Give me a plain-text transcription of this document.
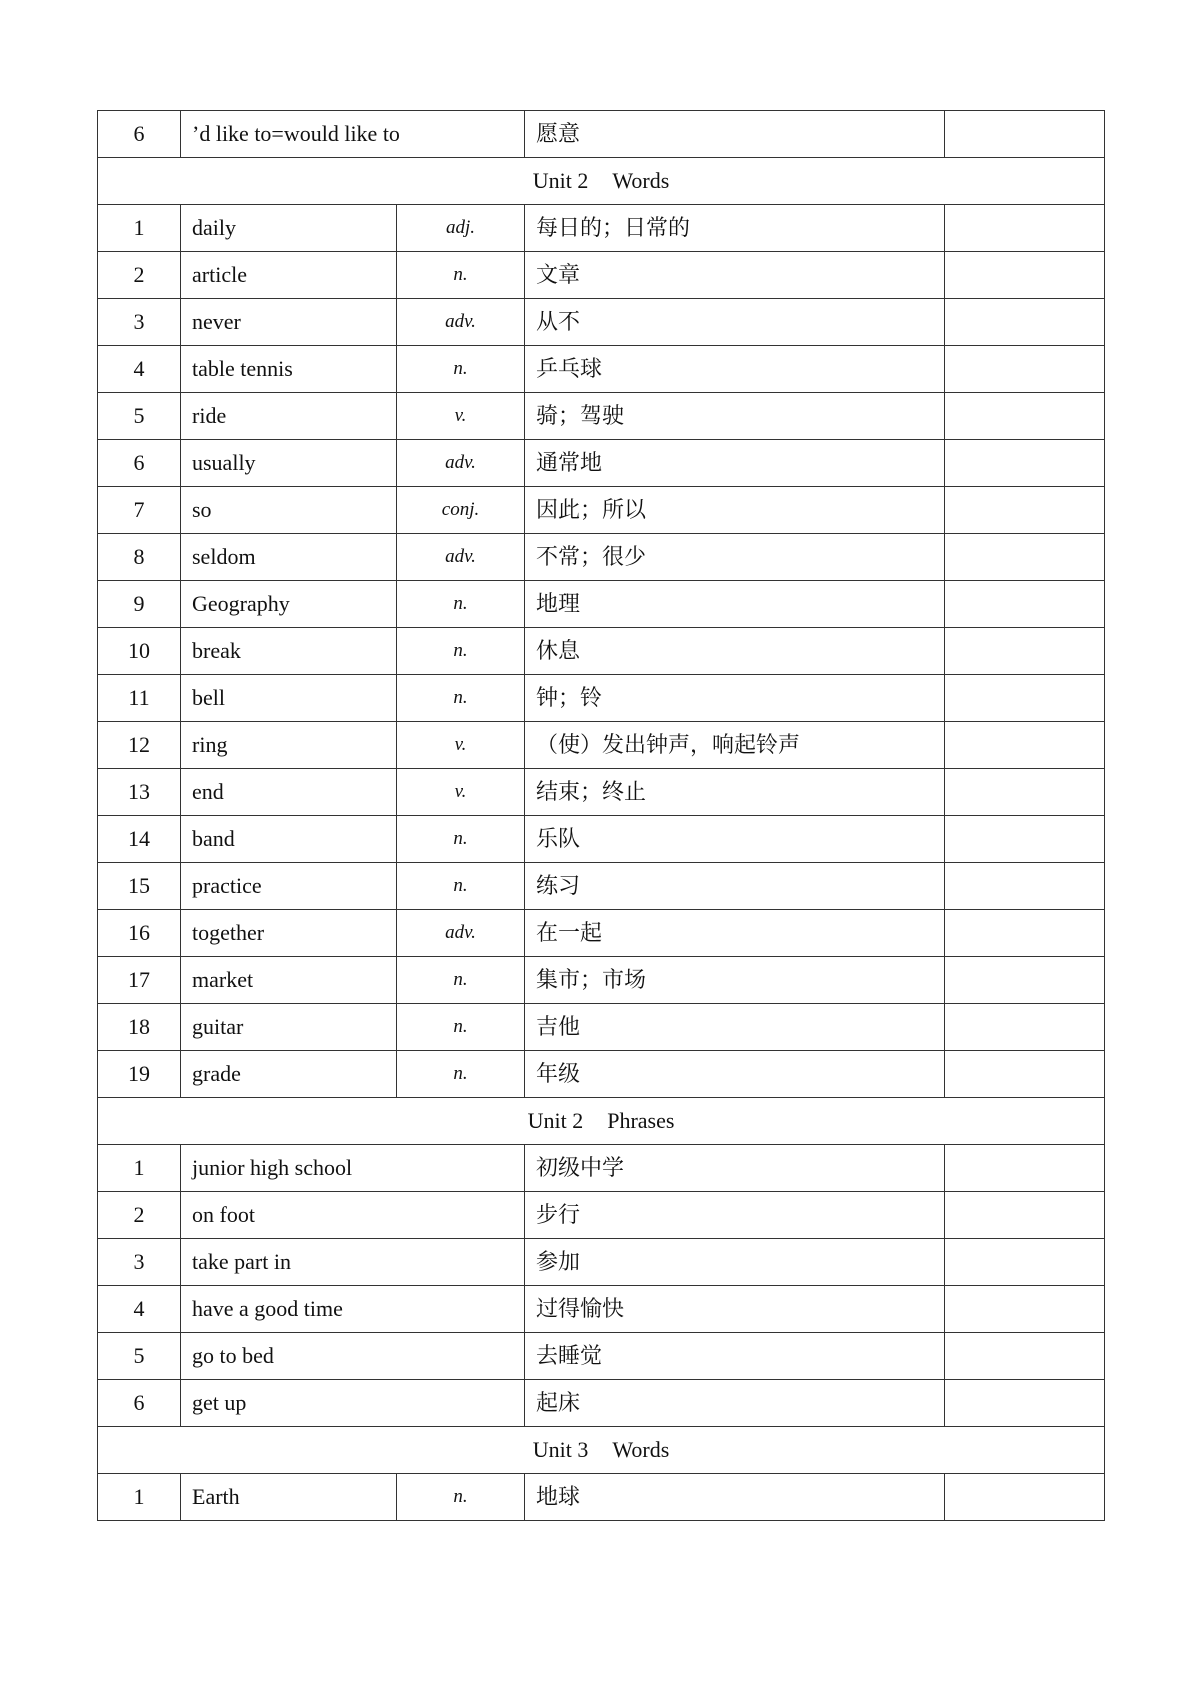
6	’d like to=would like to		愿意	
Unit 2 Words				
1	daily	adj.	每日的；日常的	
2	article	n.	文章	
3	never	adv.	从不	
4	table tennis	n.	乒乓球	
5	ride	v.	骑；驾驶	
6	usually	adv.	通常地	
7	so	conj.	因此；所以	
8	seldom	adv.	不常；很少	
9	Geography	n.	地理	
10	break	n.	休息	
11	bell	n.	钟；铃	
12	ring	v.	（使）发出钟声，响起铃声	
13	end	v.	结束；终止	
14	band	n.	乐队	
15	practice	n.	练习	
16	together	adv.	在一起	
17	market	n.	集市；市场	
18	guitar	n.	吉他	
19	grade	n.	年级	
Unit 2 Phrases				
1	junior high school		初级中学	
2	on foot		步行	
3	take part in		参加	
4	have a good time		过得愉快	
5	go to bed		去睡觉	
6	get up		起床	
Unit 3 Words				
1	Earth	n.	地球	
